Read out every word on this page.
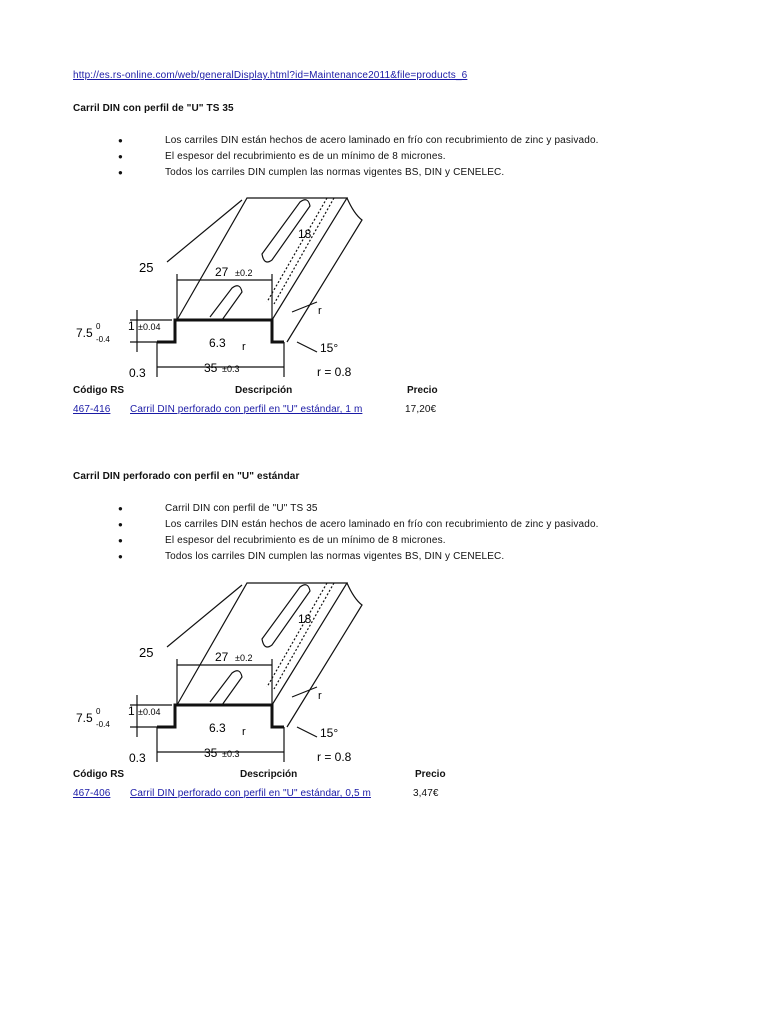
http://es.rs-online.com/web/generalDisplay.html?id=Maintenance2011&file=products_6
Carril DIN con perfil de "U" TS 35
●	Los carriles DIN están hechos de acero laminado en frío con recubrimiento de zinc y pasivado.
●	El espesor del recubrimiento es de un mínimo de 8 micrones.
●	Todos los carriles DIN cumplen las normas vigentes BS, DIN y CENELEC.
25	27 ±0.2
18
1 ±0.04
7.5 0
-0.4	6.3 r
r
0.3	35 ±0.3
15°
r = 0.8
Código RS	Descripción	Precio
467-416 Carril DIN perforado con perfil en "U" estándar, 1 m	17,20€
Carril DIN perforado con perfil en "U" estándar
●	Carril DIN con perfil de "U" TS 35
●	Los carriles DIN están hechos de acero laminado en frío con recubrimiento de zinc y pasivado.
●	El espesor del recubrimiento es de un mínimo de 8 micrones.
●	Todos los carriles DIN cumplen las normas vigentes BS, DIN y CENELEC.
25	27 ±0.2
18
1 ±0.04
7.5 0
-0.4	6.3 r
r
0.3	35 ±0.3
15°
r = 0.8
Código RS	Descripción	Precio
467-406 Carril DIN perforado con perfil en "U" estándar, 0,5 m	3,47€
